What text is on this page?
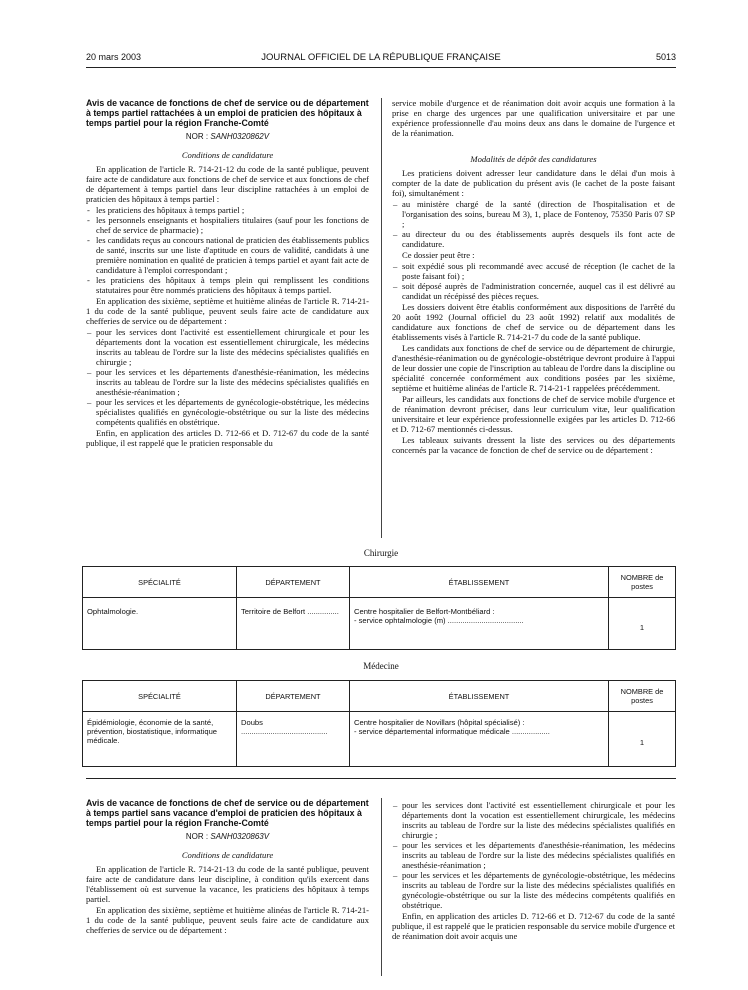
20 mars 2003	JOURNAL OFFICIEL DE LA RÉPUBLIQUE FRANÇAISE	5013
Avis de vacance de fonctions de chef de service ou de département à temps partiel rattachées à un emploi de praticien des hôpitaux à temps partiel pour la région Franche-Comté
NOR : SANH0320862V
Conditions de candidature

En application de l'article R. 714-21-12 du code de la santé publique, peuvent faire acte de candidature aux fonctions de chef de service et aux fonctions de chef de département à temps partiel dans leur discipline rattachées à un emploi de praticien des hôpitaux à temps partiel :

- les praticiens des hôpitaux à temps partiel ;
- les personnels enseignants et hospitaliers titulaires (sauf pour les fonctions de chef de service de pharmacie) ;
- les candidats reçus au concours national de praticien des établissements publics de santé, inscrits sur une liste d'aptitude en cours de validité, candidats à une première nomination en qualité de praticien à temps partiel et ayant fait acte de candidature à l'emploi correspondant ;
- les praticiens des hôpitaux à temps plein qui remplissent les conditions statutaires pour être nommés praticiens des hôpitaux à temps partiel.

En application des sixième, septième et huitième alinéas de l'article R. 714-21-1 du code de la santé publique, peuvent seuls faire acte de candidature aux chefferies de service ou de département :

– pour les services dont l'activité est essentiellement chirurgicale et pour les départements dont la vocation est essentiellement chirurgicale, les médecins inscrits au tableau de l'ordre sur la liste des médecins spécialistes qualifiés en chirurgie ;
– pour les services et les départements d'anesthésie-réanimation, les médecins inscrits au tableau de l'ordre sur la liste des médecins spécialistes qualifiés en anesthésie-réanimation ;
– pour les services et les départements de gynécologie-obstétrique, les médecins spécialistes qualifiés en gynécologie-obstétrique ou sur la liste des médecins compétents qualifiés en obstétrique.

Enfin, en application des articles D. 712-66 et D. 712-67 du code de la santé publique, il est rappelé que le praticien responsable du

service mobile d'urgence et de réanimation doit avoir acquis une formation à la prise en charge des urgences par une qualification universitaire et par une expérience professionnelle d'au moins deux ans dans le domaine de l'urgence et de la réanimation.

Modalités de dépôt des candidatures

Les praticiens doivent adresser leur candidature dans le délai d'un mois à compter de la date de publication du présent avis (le cachet de la poste faisant foi), simultanément :

– au ministère chargé de la santé (direction de l'hospitalisation et de l'organisation des soins, bureau M 3), 1, place de Fontenoy, 75350 Paris 07 SP ;
– au directeur du ou des établissements auprès desquels ils font acte de candidature.

Ce dossier peut être :

– soit expédié sous pli recommandé avec accusé de réception (le cachet de la poste faisant foi) ;
– soit déposé auprès de l'administration concernée, auquel cas il est délivré au candidat un récépissé des pièces reçues.

Les dossiers doivent être établis conformément aux dispositions de l'arrêté du 20 août 1992 (Journal officiel du 23 août 1992) relatif aux modalités de candidature aux fonctions de chef de service ou de département dans les établissements visés à l'article R. 714-21-7 du code de la santé publique.

Les candidats aux fonctions de chef de service ou de département de chirurgie, d'anesthésie-réanimation ou de gynécologie-obstétrique devront produire à l'appui de leur dossier une copie de l'inscription au tableau de l'ordre dans la discipline ou spécialité concernée conformément aux conditions posées par les sixième, septième et huitième alinéas de l'article R. 714-21-1 rappelées précédemment.

Par ailleurs, les candidats aux fonctions de chef de service mobile d'urgence et de réanimation devront préciser, dans leur curriculum vitæ, leur qualification universitaire et leur expérience professionnelle exigées par les articles D. 712-66 et D. 712-67 mentionnés ci-dessus.

Les tableaux suivants dressent la liste des services ou des départements concernés par la vacance de fonction de chef de service ou de département :

Chirurgie
SPÉCIALITÉ	DÉPARTEMENT	ÉTABLISSEMENT	NOMBRE de postes
Ophtalmologie.	Territoire de Belfort ...............	Centre hospitalier de Belfort-Montbéliard :
- service ophtalmologie (m) ....................................	1
Médecine
SPÉCIALITÉ	DÉPARTEMENT	ÉTABLISSEMENT	NOMBRE de postes
Épidémiologie, économie de la santé, prévention, biostatistique, informatique médicale.	Doubs .........................................	Centre hospitalier de Novillars (hôpital spécialisé) :
- service départemental informatique médicale ..................	1
Avis de vacance de fonctions de chef de service ou de département à temps partiel sans vacance d'emploi de praticien des hôpitaux à temps partiel pour la région Franche-Comté
NOR : SANH0320863V
Conditions de candidature

En application de l'article R. 714-21-13 du code de la santé publique, peuvent faire acte de candidature dans leur discipline, à condition qu'ils exercent dans l'établissement où est survenue la vacance, les praticiens des hôpitaux à temps partiel.

En application des sixième, septième et huitième alinéas de l'article R. 714-21-1 du code de la santé publique, peuvent seuls faire acte de candidature aux chefferies de service ou de département :

– pour les services dont l'activité est essentiellement chirurgicale et pour les départements dont la vocation est essentiellement chirurgicale, les médecins inscrits au tableau de l'ordre sur la liste des médecins spécialistes qualifiés en chirurgie ;
– pour les services et les départements d'anesthésie-réanimation, les médecins inscrits au tableau de l'ordre sur la liste des médecins spécialistes qualifiés en anesthésie-réanimation ;
– pour les services et les départements de gynécologie-obstétrique, les médecins inscrits au tableau de l'ordre sur la liste des médecins spécialistes qualifiés en gynécologie-obstétrique ou sur la liste des médecins compétents qualifiés en obstétrique.

Enfin, en application des articles D. 712-66 et D. 712-67 du code de la santé publique, il est rappelé que le praticien responsable du service mobile d'urgence et de réanimation doit avoir acquis une
